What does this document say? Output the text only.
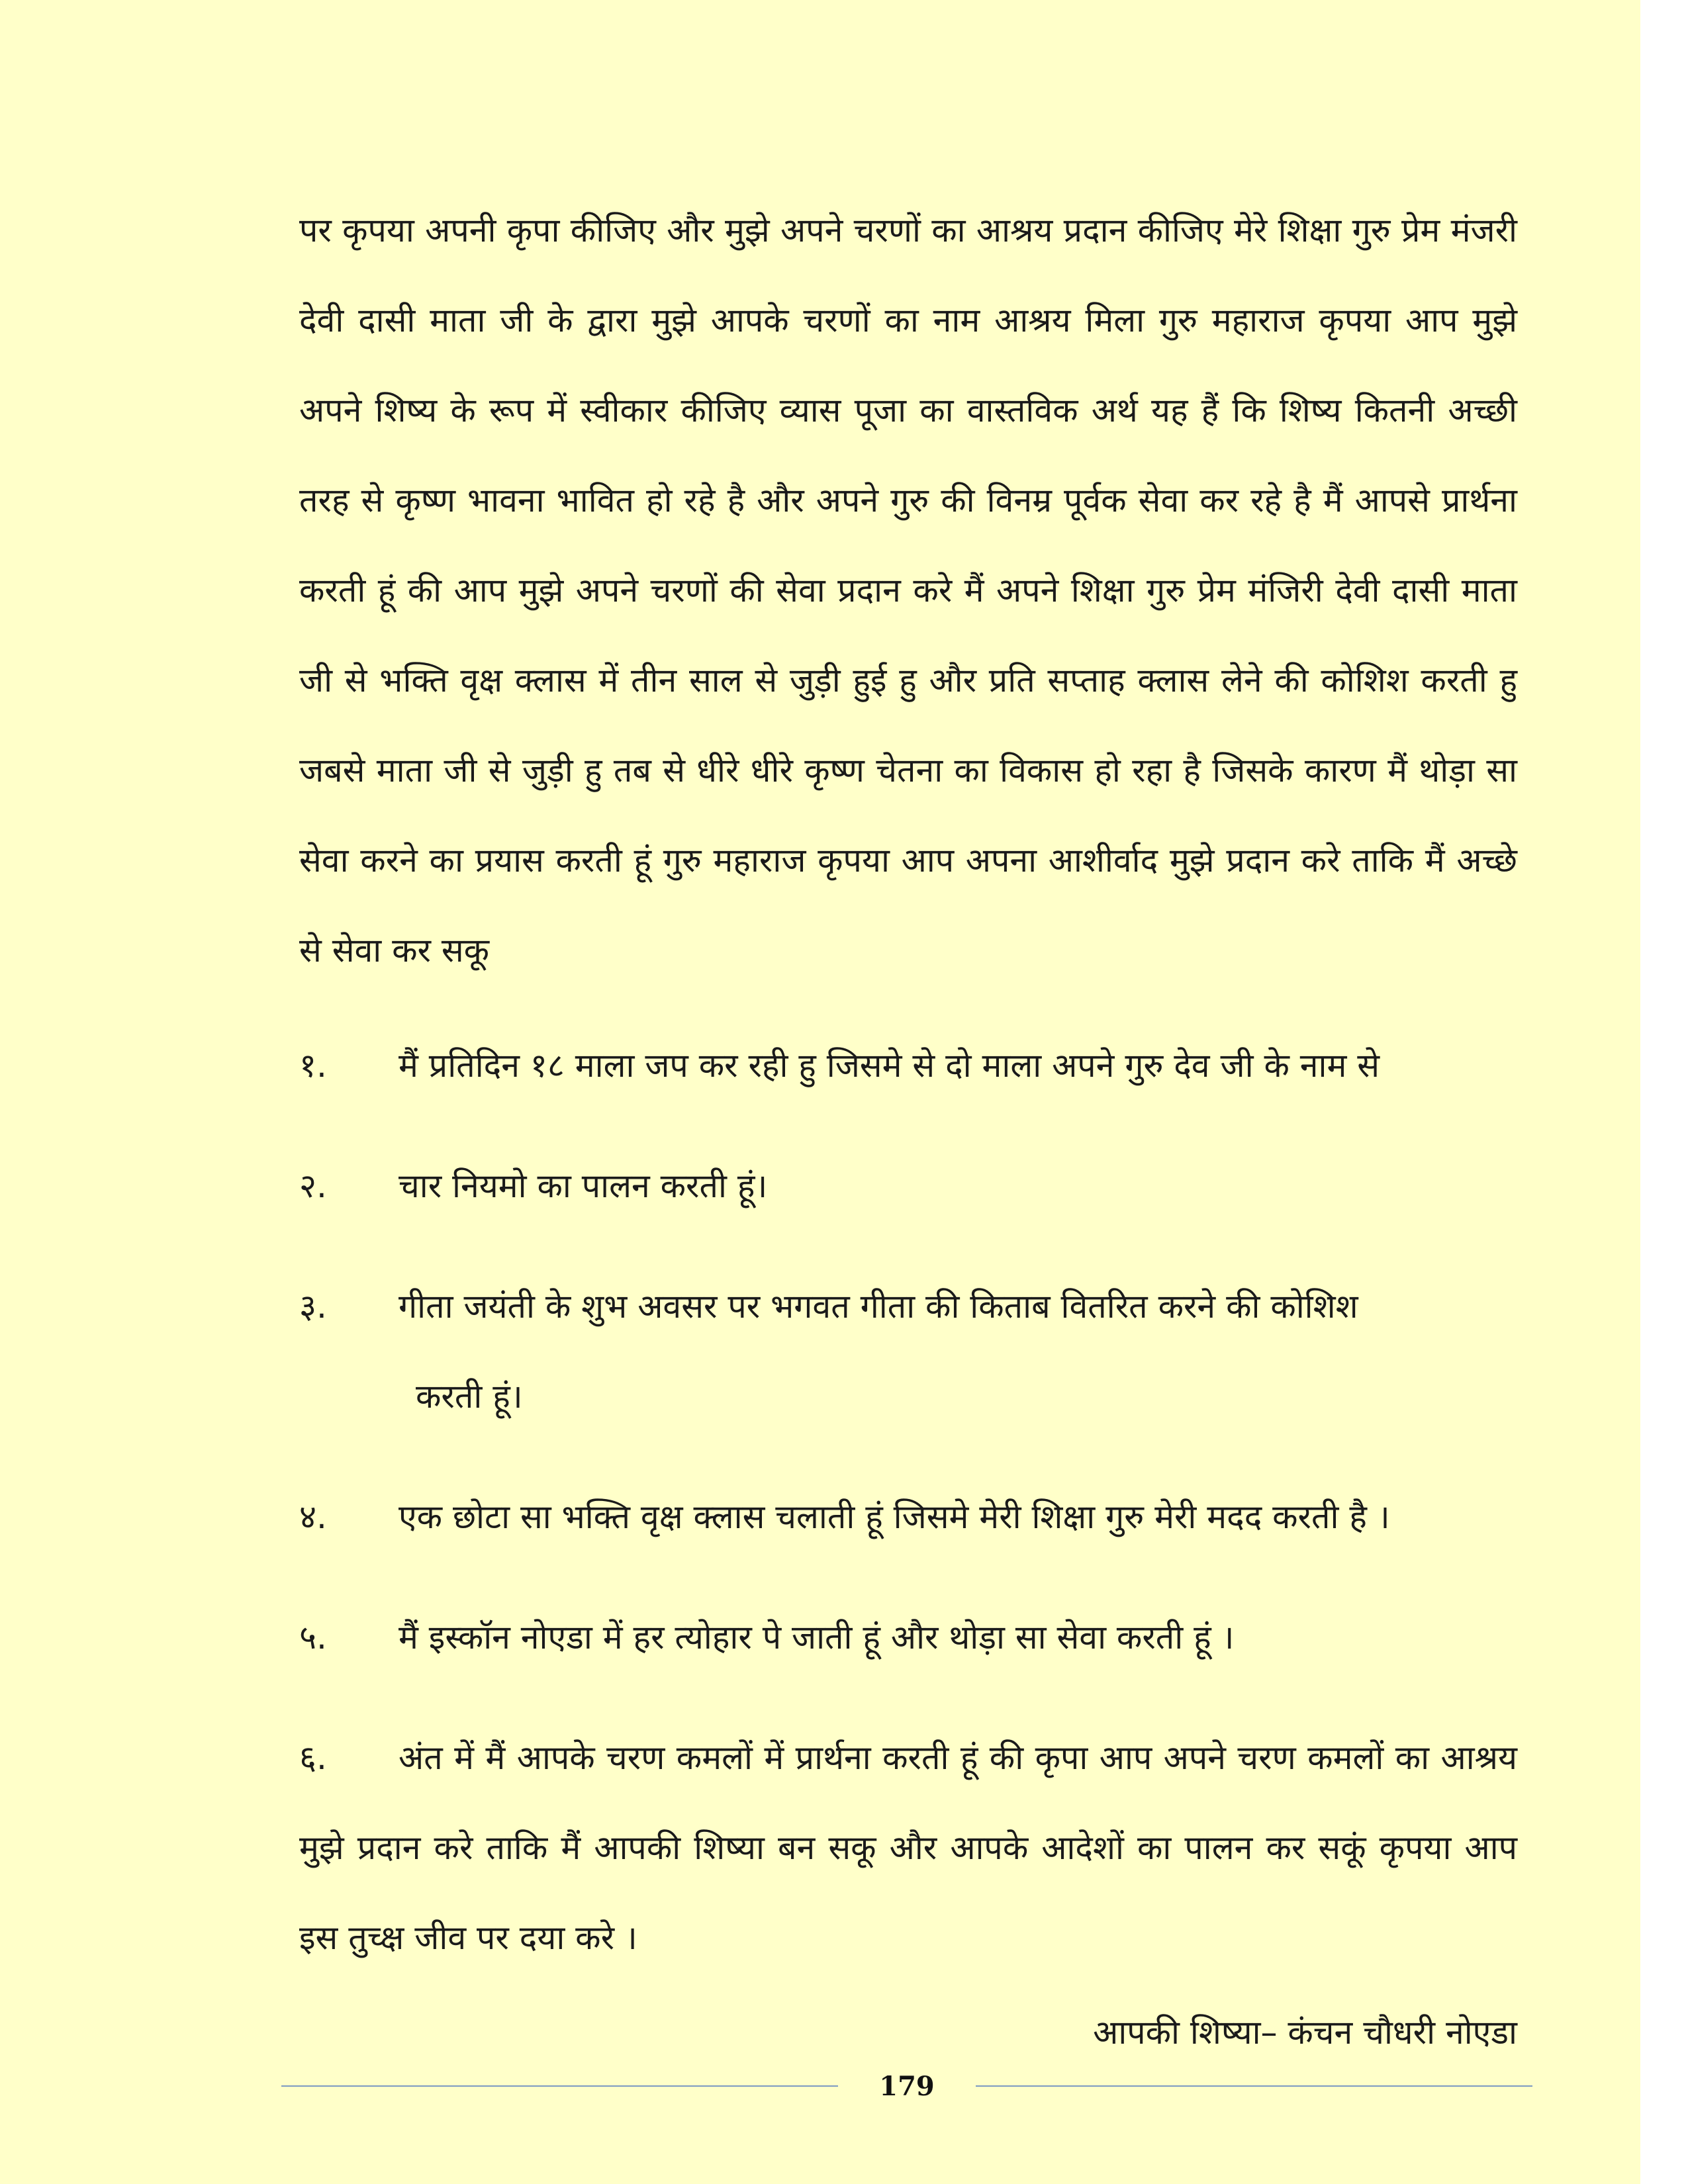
पर कृपया अपनी कृपा कीजिए और मुझे अपने चरणों का आश्रय प्रदान कीजिए मेरे शिक्षा गुरु प्रेम मंजरी देवी दासी माता जी के द्वारा मुझे आपके चरणों का नाम आश्रय मिला गुरु महाराज कृपया आप मुझे अपने शिष्य के रूप में स्वीकार कीजिए व्यास पूजा का वास्तविक अर्थ यह हैं कि शिष्य कितनी अच्छी तरह से कृष्ण भावना भावित हो रहे है और अपने गुरु की विनम्र पूर्वक सेवा कर रहे है मैं आपसे प्रार्थना करती हूं की आप मुझे अपने चरणों की सेवा प्रदान करे मैं अपने शिक्षा गुरु प्रेम मंजिरी देवी दासी माता जी से भक्ति वृक्ष क्लास में तीन साल से जुड़ी हुई हु और प्रति सप्ताह क्लास लेने की कोशिश करती हु जबसे माता जी से जुड़ी हु तब से धीरे धीरे कृष्ण चेतना का विकास हो रहा है जिसके कारण मैं थोड़ा सा सेवा करने का प्रयास करती हूं गुरु महाराज कृपया आप अपना आशीर्वाद मुझे प्रदान करे ताकि मैं अच्छे से सेवा कर सकू

१.	मैं प्रतिदिन १८ माला जप कर रही हु जिसमे से दो माला अपने गुरु देव जी के नाम से
२.	चार नियमो का पालन करती हूं।
३.	गीता जयंती के शुभ अवसर पर भगवत गीता की किताब वितरित करने की कोशिश
करती हूं।
४.	एक छोटा सा भक्ति वृक्ष क्लास चलाती हूं जिसमे मेरी शिक्षा गुरु मेरी मदद करती है ।
५.	मैं इस्कॉन नोएडा में हर त्योहार पे जाती हूं और थोड़ा सा सेवा करती हूं ।
६. अंत में मैं आपके चरण कमलों में प्रार्थना करती हूं की कृपा आप अपने चरण कमलों का आश्रय मुझे प्रदान करे ताकि मैं आपकी शिष्या बन सकू और आपके आदेशों का पालन कर सकूं कृपया आप इस तुच्क्ष जीव पर दया करे ।
आपकी शिष्या– कंचन चौधरी नोएडा
179
